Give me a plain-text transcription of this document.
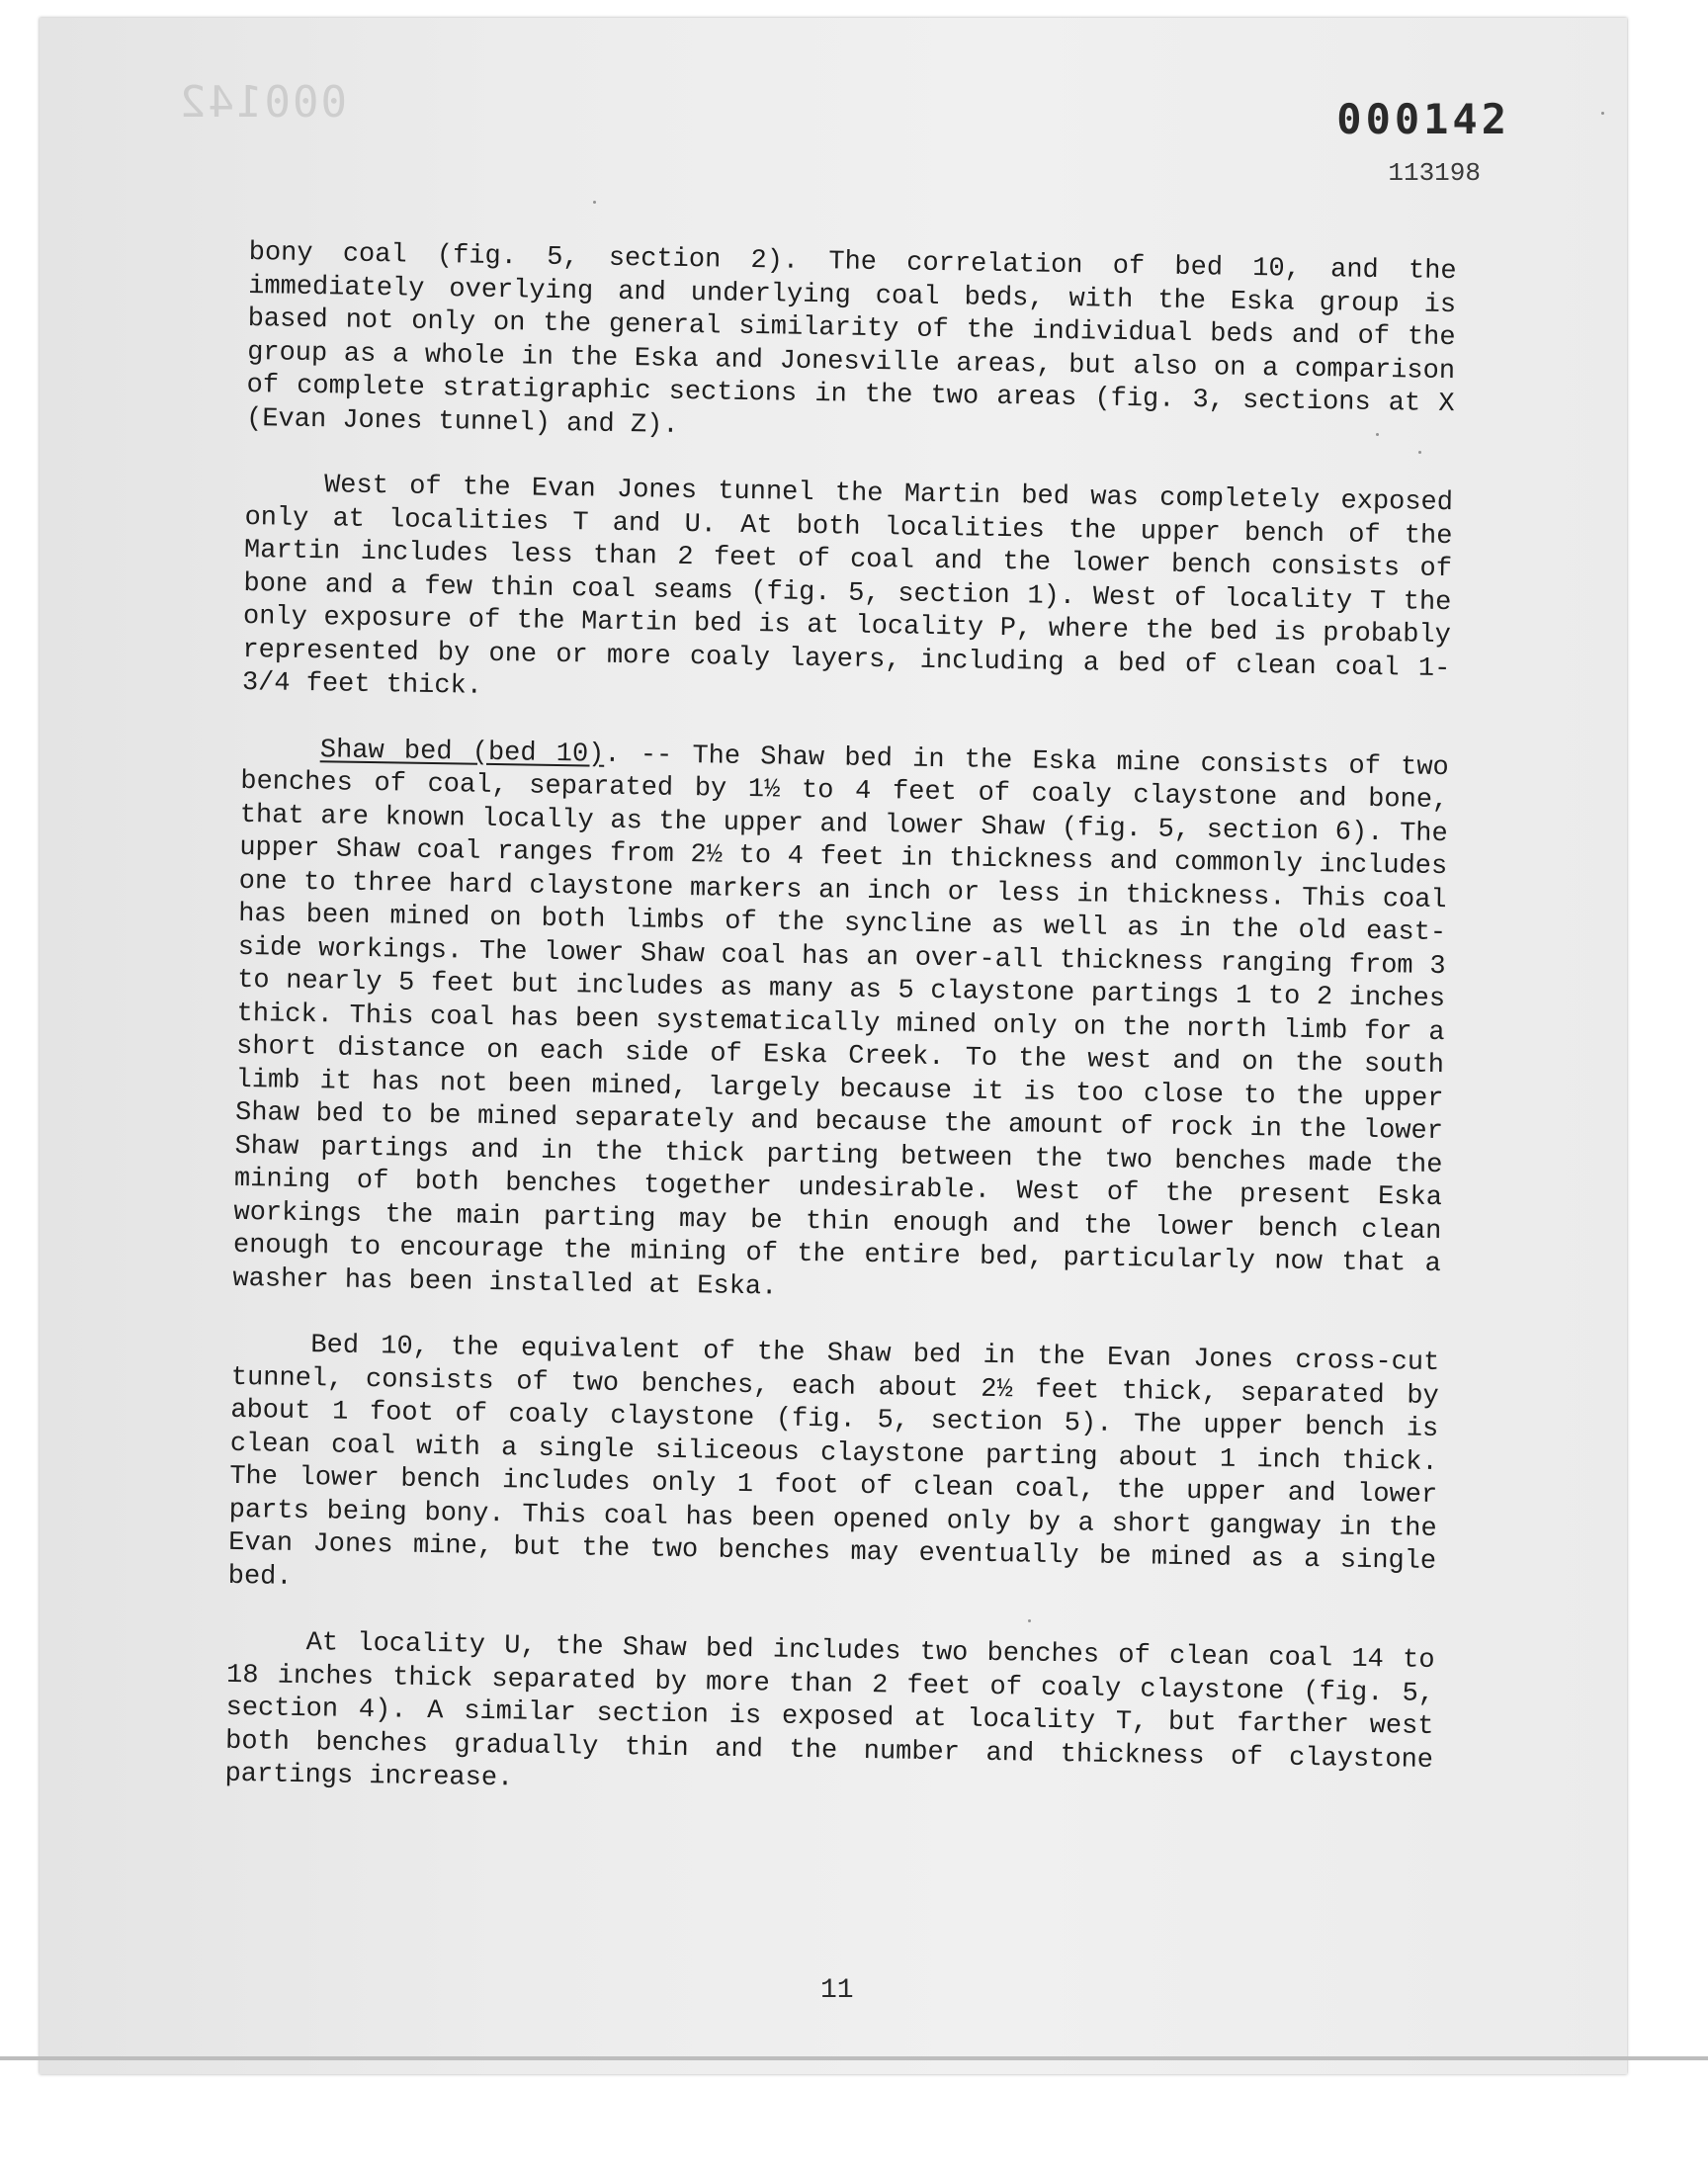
000142	000142
113198

bony coal (fig. 5, section 2). The correlation of bed 10, and the immediately overlying and underlying coal beds, with the Eska group is based not only on the general similarity of the individual beds and of the group as a whole in the Eska and Jonesville areas, but also on a comparison of complete stratigraphic sections in the two areas (fig. 3, sections at X (Evan Jones tunnel) and Z).

West of the Evan Jones tunnel the Martin bed was completely exposed only at localities T and U. At both localities the upper bench of the Martin includes less than 2 feet of coal and the lower bench consists of bone and a few thin coal seams (fig. 5, section 1). West of locality T the only exposure of the Martin bed is at locality P, where the bed is probably represented by one or more coaly layers, including a bed of clean coal 1-3/4 feet thick.

Shaw bed (bed 10). -- The Shaw bed in the Eska mine consists of two benches of coal, separated by 1½ to 4 feet of coaly claystone and bone, that are known locally as the upper and lower Shaw (fig. 5, section 6). The upper Shaw coal ranges from 2½ to 4 feet in thickness and commonly includes one to three hard claystone markers an inch or less in thickness. This coal has been mined on both limbs of the syncline as well as in the old east-side workings. The lower Shaw coal has an over-all thickness ranging from 3 to nearly 5 feet but includes as many as 5 claystone partings 1 to 2 inches thick. This coal has been systematically mined only on the north limb for a short distance on each side of Eska Creek. To the west and on the south limb it has not been mined, largely because it is too close to the upper Shaw bed to be mined separately and because the amount of rock in the lower Shaw partings and in the thick parting between the two benches made the mining of both benches together undesirable. West of the present Eska workings the main parting may be thin enough and the lower bench clean enough to encourage the mining of the entire bed, particularly now that a washer has been installed at Eska.

Bed 10, the equivalent of the Shaw bed in the Evan Jones cross-cut tunnel, consists of two benches, each about 2½ feet thick, separated by about 1 foot of coaly claystone (fig. 5, section 5). The upper bench is clean coal with a single siliceous claystone parting about 1 inch thick. The lower bench includes only 1 foot of clean coal, the upper and lower parts being bony. This coal has been opened only by a short gangway in the Evan Jones mine, but the two benches may eventually be mined as a single bed.

At locality U, the Shaw bed includes two benches of clean coal 14 to 18 inches thick separated by more than 2 feet of coaly claystone (fig. 5, section 4). A similar section is exposed at locality T, but farther west both benches gradually thin and the number and thickness of claystone partings increase.

11
